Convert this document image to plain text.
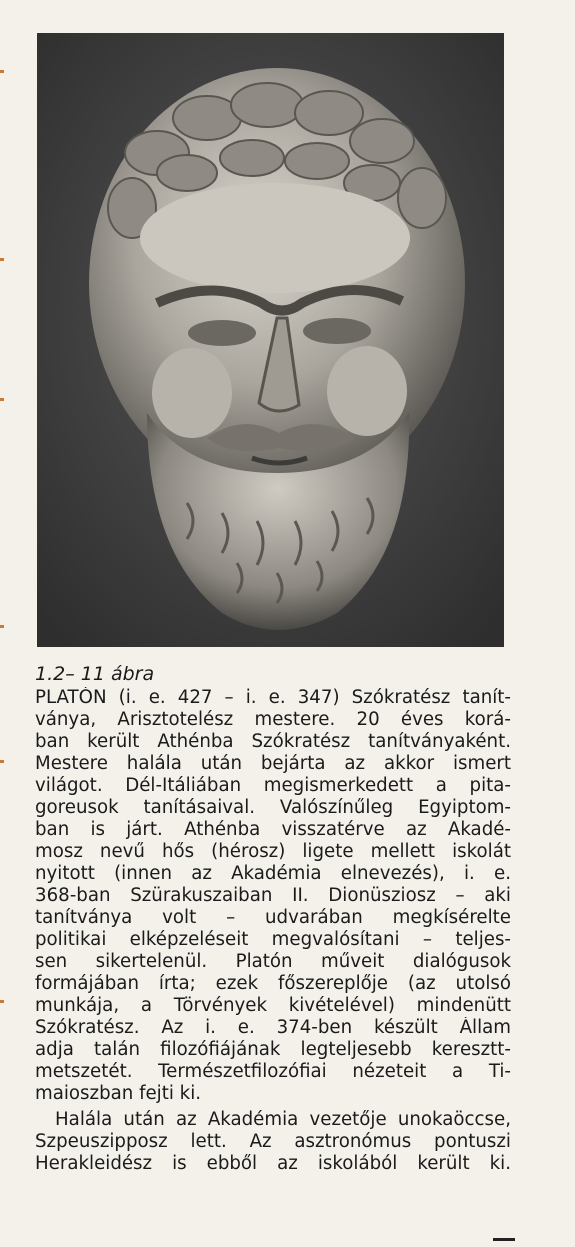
1.2– 11 ábra
PLATÓN (i. e. 427 – i. e. 347) Szókratész tanít-
ványa, Arisztotelész mestere. 20 éves korá-
ban került Athénba Szókratész tanítványaként.
Mestere halála után bejárta az akkor ismert
világot. Dél-Itáliában megismerkedett a pita-
goreusok tanításaival. Valószínűleg Egyiptom-
ban is járt. Athénba visszatérve az Akadé-
mosz nevű hős (hérosz) ligete mellett iskolát
nyitott (innen az Akadémia elnevezés), i. e.
368-ban Szürakuszaiban II. Dionüsziosz – aki
tanítványa volt – udvarában megkísérelte
politikai elképzeléseit megvalósítani – teljes-
sen sikertelenül. Platón műveit dialógusok
formájában írta; ezek főszereplője (az utolsó
munkája, a Törvények kivételével) mindenütt
Szókratész. Az i. e. 374-ben készült Állam
adja talán filozófiájának legteljesebb keresztt-
metszetét. Természetfilozófiai nézeteit a Ti-
maioszban fejti ki.
Halála után az Akadémia vezetője unokaöccse,
Szpeuszipposz lett. Az asztronómus pontuszi
Herakleidész is ebből az iskolából került ki.
